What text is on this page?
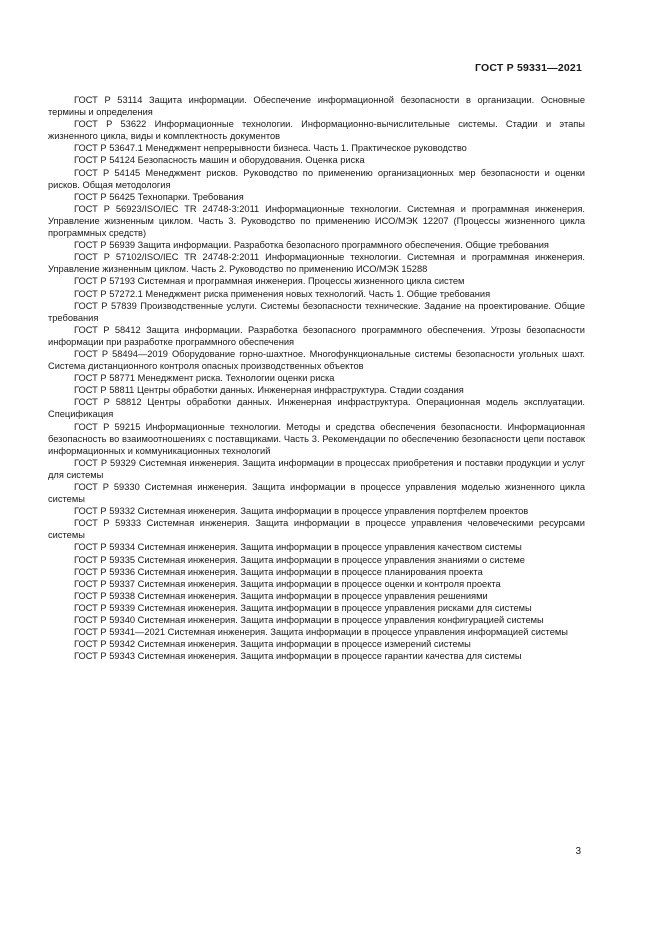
ГОСТ Р 59331—2021

ГОСТ Р 53114 Защита информации. Обеспечение информационной безопасности в организации. Основные термины и определения

ГОСТ Р 53622 Информационные технологии. Информационно-вычислительные системы. Стадии и этапы жизненного цикла, виды и комплектность документов

ГОСТ Р 53647.1 Менеджмент непрерывности бизнеса. Часть 1. Практическое руководство

ГОСТ Р 54124 Безопасность машин и оборудования. Оценка риска

ГОСТ Р 54145 Менеджмент рисков. Руководство по применению организационных мер безопасности и оценки рисков. Общая методология

ГОСТ Р 56425 Технопарки. Требования

ГОСТ Р 56923/ISO/IEC TR 24748-3:2011 Информационные технологии. Системная и программная инженерия. Управление жизненным циклом. Часть 3. Руководство по применению ИСО/МЭК 12207 (Процессы жизненного цикла программных средств)

ГОСТ Р 56939 Защита информации. Разработка безопасного программного обеспечения. Общие требования

ГОСТ Р 57102/ISO/IEC TR 24748-2:2011 Информационные технологии. Системная и программная инженерия. Управление жизненным циклом. Часть 2. Руководство по применению ИСО/МЭК 15288

ГОСТ Р 57193 Системная и программная инженерия. Процессы жизненного цикла систем

ГОСТ Р 57272.1 Менеджмент риска применения новых технологий. Часть 1. Общие требования

ГОСТ Р 57839 Производственные услуги. Системы безопасности технические. Задание на проектирование. Общие требования

ГОСТ Р 58412 Защита информации. Разработка безопасного программного обеспечения. Угрозы безопасности информации при разработке программного обеспечения

ГОСТ Р 58494—2019 Оборудование горно-шахтное. Многофункциональные системы безопасности угольных шахт. Система дистанционного контроля опасных производственных объектов

ГОСТ Р 58771 Менеджмент риска. Технологии оценки риска

ГОСТ Р 58811 Центры обработки данных. Инженерная инфраструктура. Стадии создания

ГОСТ Р 58812 Центры обработки данных. Инженерная инфраструктура. Операционная модель эксплуатации. Спецификация

ГОСТ Р 59215 Информационные технологии. Методы и средства обеспечения безопасности. Информационная безопасность во взаимоотношениях с поставщиками. Часть 3. Рекомендации по обеспечению безопасности цепи поставок информационных и коммуникационных технологий

ГОСТ Р 59329 Системная инженерия. Защита информации в процессах приобретения и поставки продукции и услуг для системы

ГОСТ Р 59330 Системная инженерия. Защита информации в процессе управления моделью жизненного цикла системы

ГОСТ Р 59332 Системная инженерия. Защита информации в процессе управления портфелем проектов

ГОСТ Р 59333 Системная инженерия. Защита информации в процессе управления человеческими ресурсами системы

ГОСТ Р 59334 Системная инженерия. Защита информации в процессе управления качеством системы

ГОСТ Р 59335 Системная инженерия. Защита информации в процессе управления знаниями о системе

ГОСТ Р 59336 Системная инженерия. Защита информации в процессе планирования проекта

ГОСТ Р 59337 Системная инженерия. Защита информации в процессе оценки и контроля проекта

ГОСТ Р 59338 Системная инженерия. Защита информации в процессе управления решениями

ГОСТ Р 59339 Системная инженерия. Защита информации в процессе управления рисками для системы

ГОСТ Р 59340 Системная инженерия. Защита информации в процессе управления конфигурацией системы

ГОСТ Р 59341—2021 Системная инженерия. Защита информации в процессе управления информацией системы

ГОСТ Р 59342 Системная инженерия. Защита информации в процессе измерений системы

ГОСТ Р 59343 Системная инженерия. Защита информации в процессе гарантии качества для системы

3
